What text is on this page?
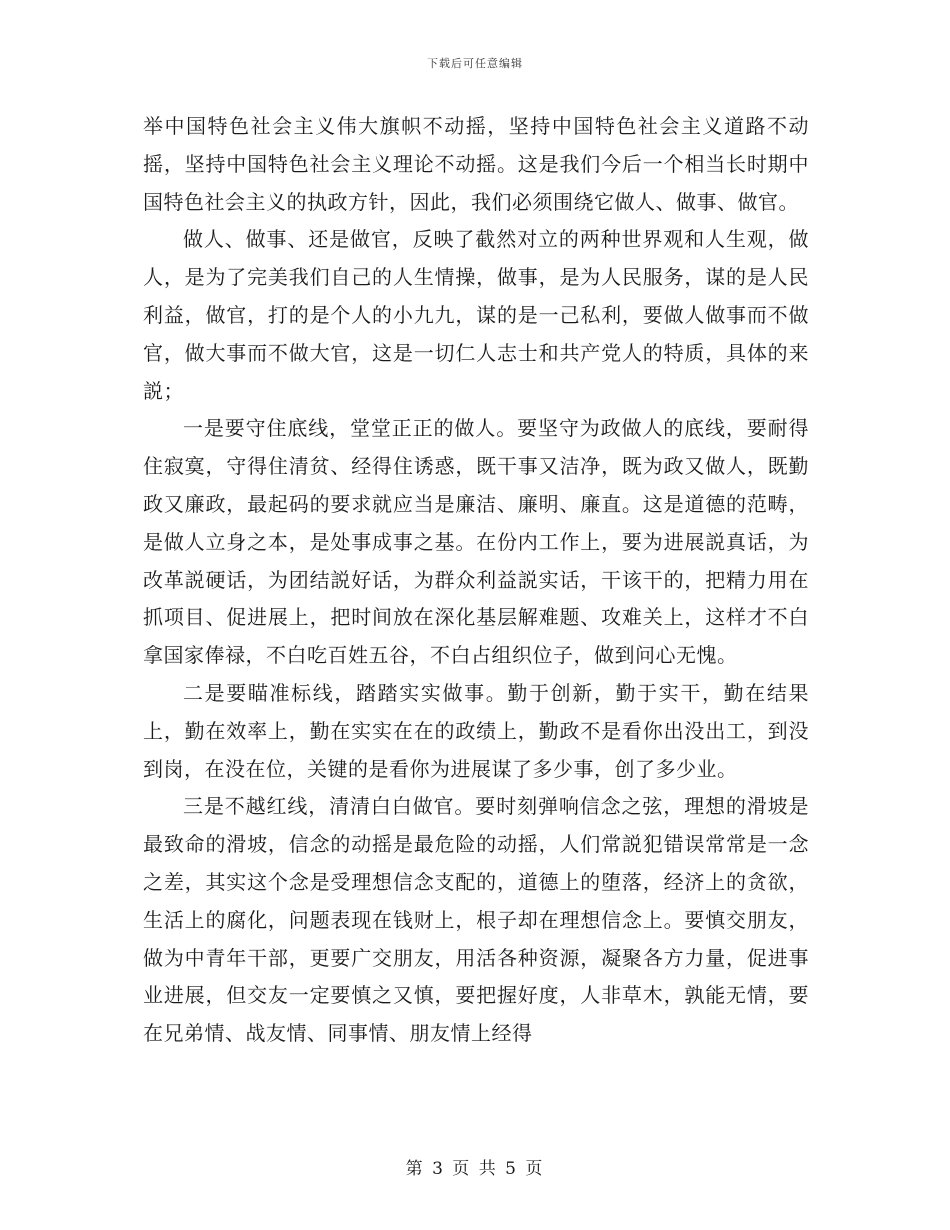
下载后可任意编辑

举中国特色社会主义伟大旗帜不动摇，坚持中国特色社会主义道路不动摇，坚持中国特色社会主义理论不动摇。这是我们今后一个相当长时期中国特色社会主义的执政方针，因此，我们必须围绕它做人、做事、做官。

做人、做事、还是做官，反映了截然对立的两种世界观和人生观，做人，是为了完美我们自己的人生情操，做事，是为人民服务，谋的是人民利益，做官，打的是个人的小九九，谋的是一己私利，要做人做事而不做官，做大事而不做大官，这是一切仁人志士和共产党人的特质，具体的来説；

一是要守住底线，堂堂正正的做人。要坚守为政做人的底线，要耐得住寂寞，守得住清贫、经得住诱惑，既干事又洁净，既为政又做人，既勤政又廉政，最起码的要求就应当是廉洁、廉明、廉直。这是道德的范畴，是做人立身之本，是处事成事之基。在份内工作上，要为进展説真话，为改革説硬话，为团结説好话，为群众利益説实话，干该干的，把精力用在抓项目、促进展上，把时间放在深化基层解难题、攻难关上，这样才不白拿国家俸禄，不白吃百姓五谷，不白占组织位子，做到问心无愧。

二是要瞄准标线，踏踏实实做事。勤于创新，勤于实干，勤在结果上，勤在效率上，勤在实实在在的政绩上，勤政不是看你出没出工，到没到岗，在没在位，关键的是看你为进展谋了多少事，创了多少业。

三是不越红线，清清白白做官。要时刻弹响信念之弦，理想的滑坡是最致命的滑坡，信念的动摇是最危险的动摇，人们常説犯错误常常是一念之差，其实这个念是受理想信念支配的，道德上的堕落，经济上的贪欲，生活上的腐化，问题表现在钱财上，根子却在理想信念上。要慎交朋友，做为中青年干部，更要广交朋友，用活各种资源，凝聚各方力量，促进事业进展，但交友一定要慎之又慎，要把握好度，人非草木，孰能无情，要在兄弟情、战友情、同事情、朋友情上经得

第 3 页 共 5 页
